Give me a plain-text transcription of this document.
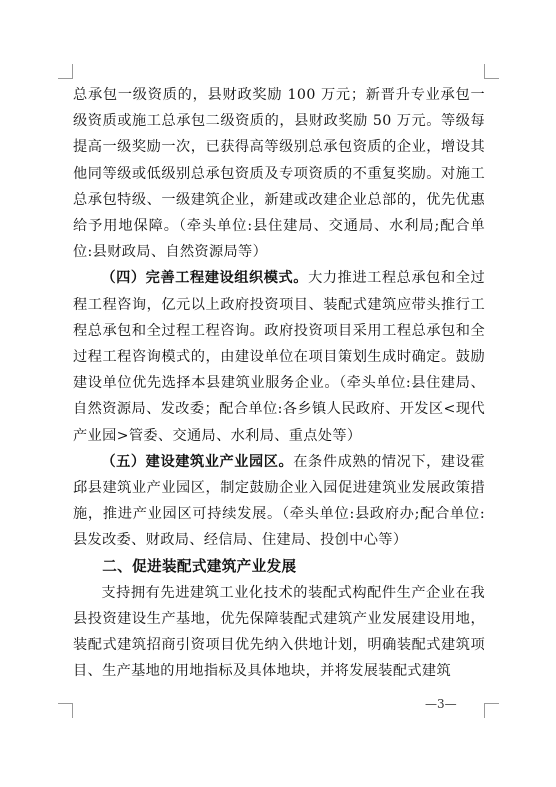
总承包一级资质的，县财政奖励 100 万元；新晋升专业承包一级资质或施工总承包二级资质的，县财政奖励 50 万元。等级每提高一级奖励一次，已获得高等级别总承包资质的企业，增设其他同等级或低级别总承包资质及专项资质的不重复奖励。对施工总承包特级、一级建筑企业，新建或改建企业总部的，优先优惠给予用地保障。（牵头单位:县住建局、交通局、水利局;配合单位:县财政局、自然资源局等）

（四）完善工程建设组织模式。大力推进工程总承包和全过程工程咨询，亿元以上政府投资项目、装配式建筑应带头推行工程总承包和全过程工程咨询。政府投资项目采用工程总承包和全过程工程咨询模式的，由建设单位在项目策划生成时确定。鼓励建设单位优先选择本县建筑业服务企业。（牵头单位:县住建局、自然资源局、发改委；配合单位:各乡镇人民政府、开发区<现代产业园>管委、交通局、水利局、重点处等）

（五）建设建筑业产业园区。在条件成熟的情况下，建设霍邱县建筑业产业园区，制定鼓励企业入园促进建筑业发展政策措施，推进产业园区可持续发展。（牵头单位:县政府办;配合单位:县发改委、财政局、经信局、住建局、投创中心等）

二、促进装配式建筑产业发展

支持拥有先进建筑工业化技术的装配式构配件生产企业在我县投资建设生产基地，优先保障装配式建筑产业发展建设用地，装配式建筑招商引资项目优先纳入供地计划，明确装配式建筑项目、生产基地的用地指标及具体地块，并将发展装配式建筑

—3—
